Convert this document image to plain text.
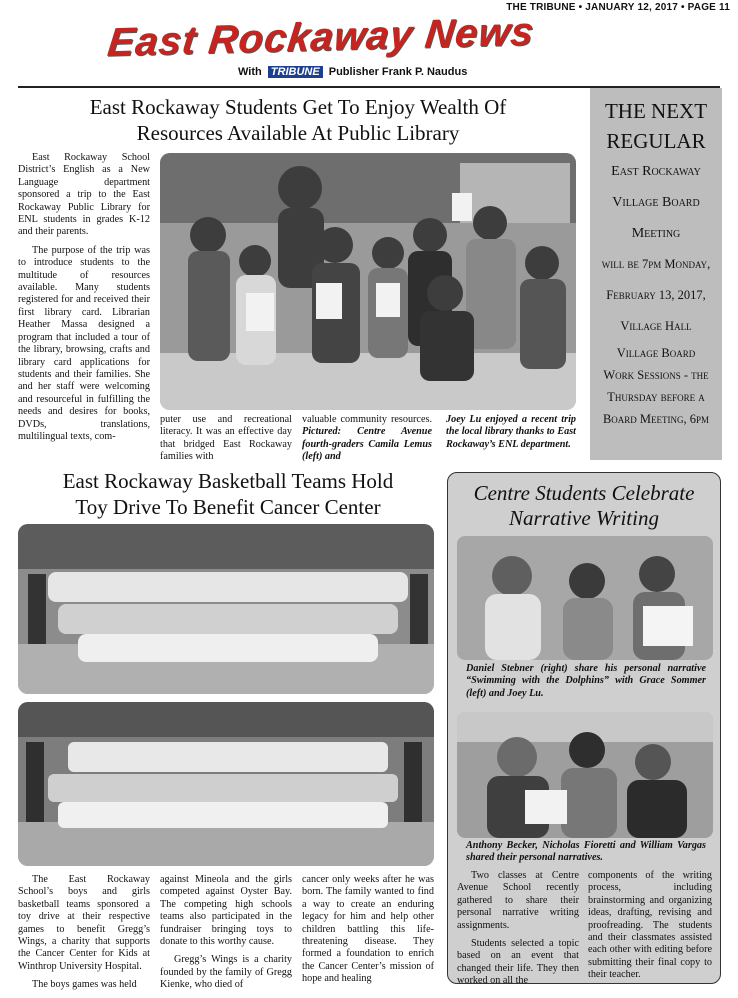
THE TRIBUNE • JANUARY 12, 2017 • PAGE 11
East Rockaway News
With TRIBUNE Publisher Frank P. Naudus
East Rockaway Students Get To Enjoy Wealth Of
Resources Available At Public Library

East Rockaway School District’s English as a New Language department sponsored a trip to the East Rockaway Public Library for ENL students in grades K-12 and their parents.

The purpose of the trip was to introduce students to the multitude of resources available. Many students registered for and received their first library card. Librarian Heather Massa designed a program that included a tour of the library, browsing, crafts and library card applications for students and their families. She and her staff were welcoming and resourceful in fulfilling the needs and desires for books, DVDs, translations, multilingual texts, com-

puter use and recreational literacy. It was an effective day that bridged East Rockaway families with

valuable community resources. Pictured: Centre Avenue fourth-graders Camila Lemus (left) and
Joey Lu enjoyed a recent trip the local library thanks to East Rockaway’s ENL department.
THE NEXT
REGULAR
East Rockaway
Village Board
Meeting
will be 7pm Monday,
February 13, 2017,
Village Hall
Village Board
Work Sessions - the
Thursday before a
Board Meeting, 6pm
East Rockaway Basketball Teams Hold
Toy Drive To Benefit Cancer Center

The East Rockaway School’s boys and girls basketball teams sponsored a toy drive at their respective games to benefit Gregg’s Wings, a charity that supports the Cancer Center for Kids at Winthrop University Hospital.

The boys games was held

against Mineola and the girls competed against Oyster Bay. The competing high schools teams also participated in the fundraiser bringing toys to donate to this worthy cause.

Gregg’s Wings is a charity founded by the family of Gregg Kienke, who died of

cancer only weeks after he was born. The family wanted to find a way to create an enduring legacy for him and help other children battling this life-threatening disease. They formed a foundation to enrich the Cancer Center’s mission of hope and healing

Centre Students Celebrate
Narrative Writing
Daniel Stebner (right) share his personal narrative “Swimming with the Dolphins” with Grace Sommer (left) and Joey Lu.
Anthony Becker, Nicholas Fioretti and William Vargas shared their personal narratives.

Two classes at Centre Avenue School recently gathered to share their personal narrative writing assignments.

Students selected a topic based on an event that changed their life. They then worked on all the

components of the writing process, including brainstorming and organizing ideas, drafting, revising and proofreading. The students and their classmates assisted each other with editing before submitting their final copy to their teacher.
